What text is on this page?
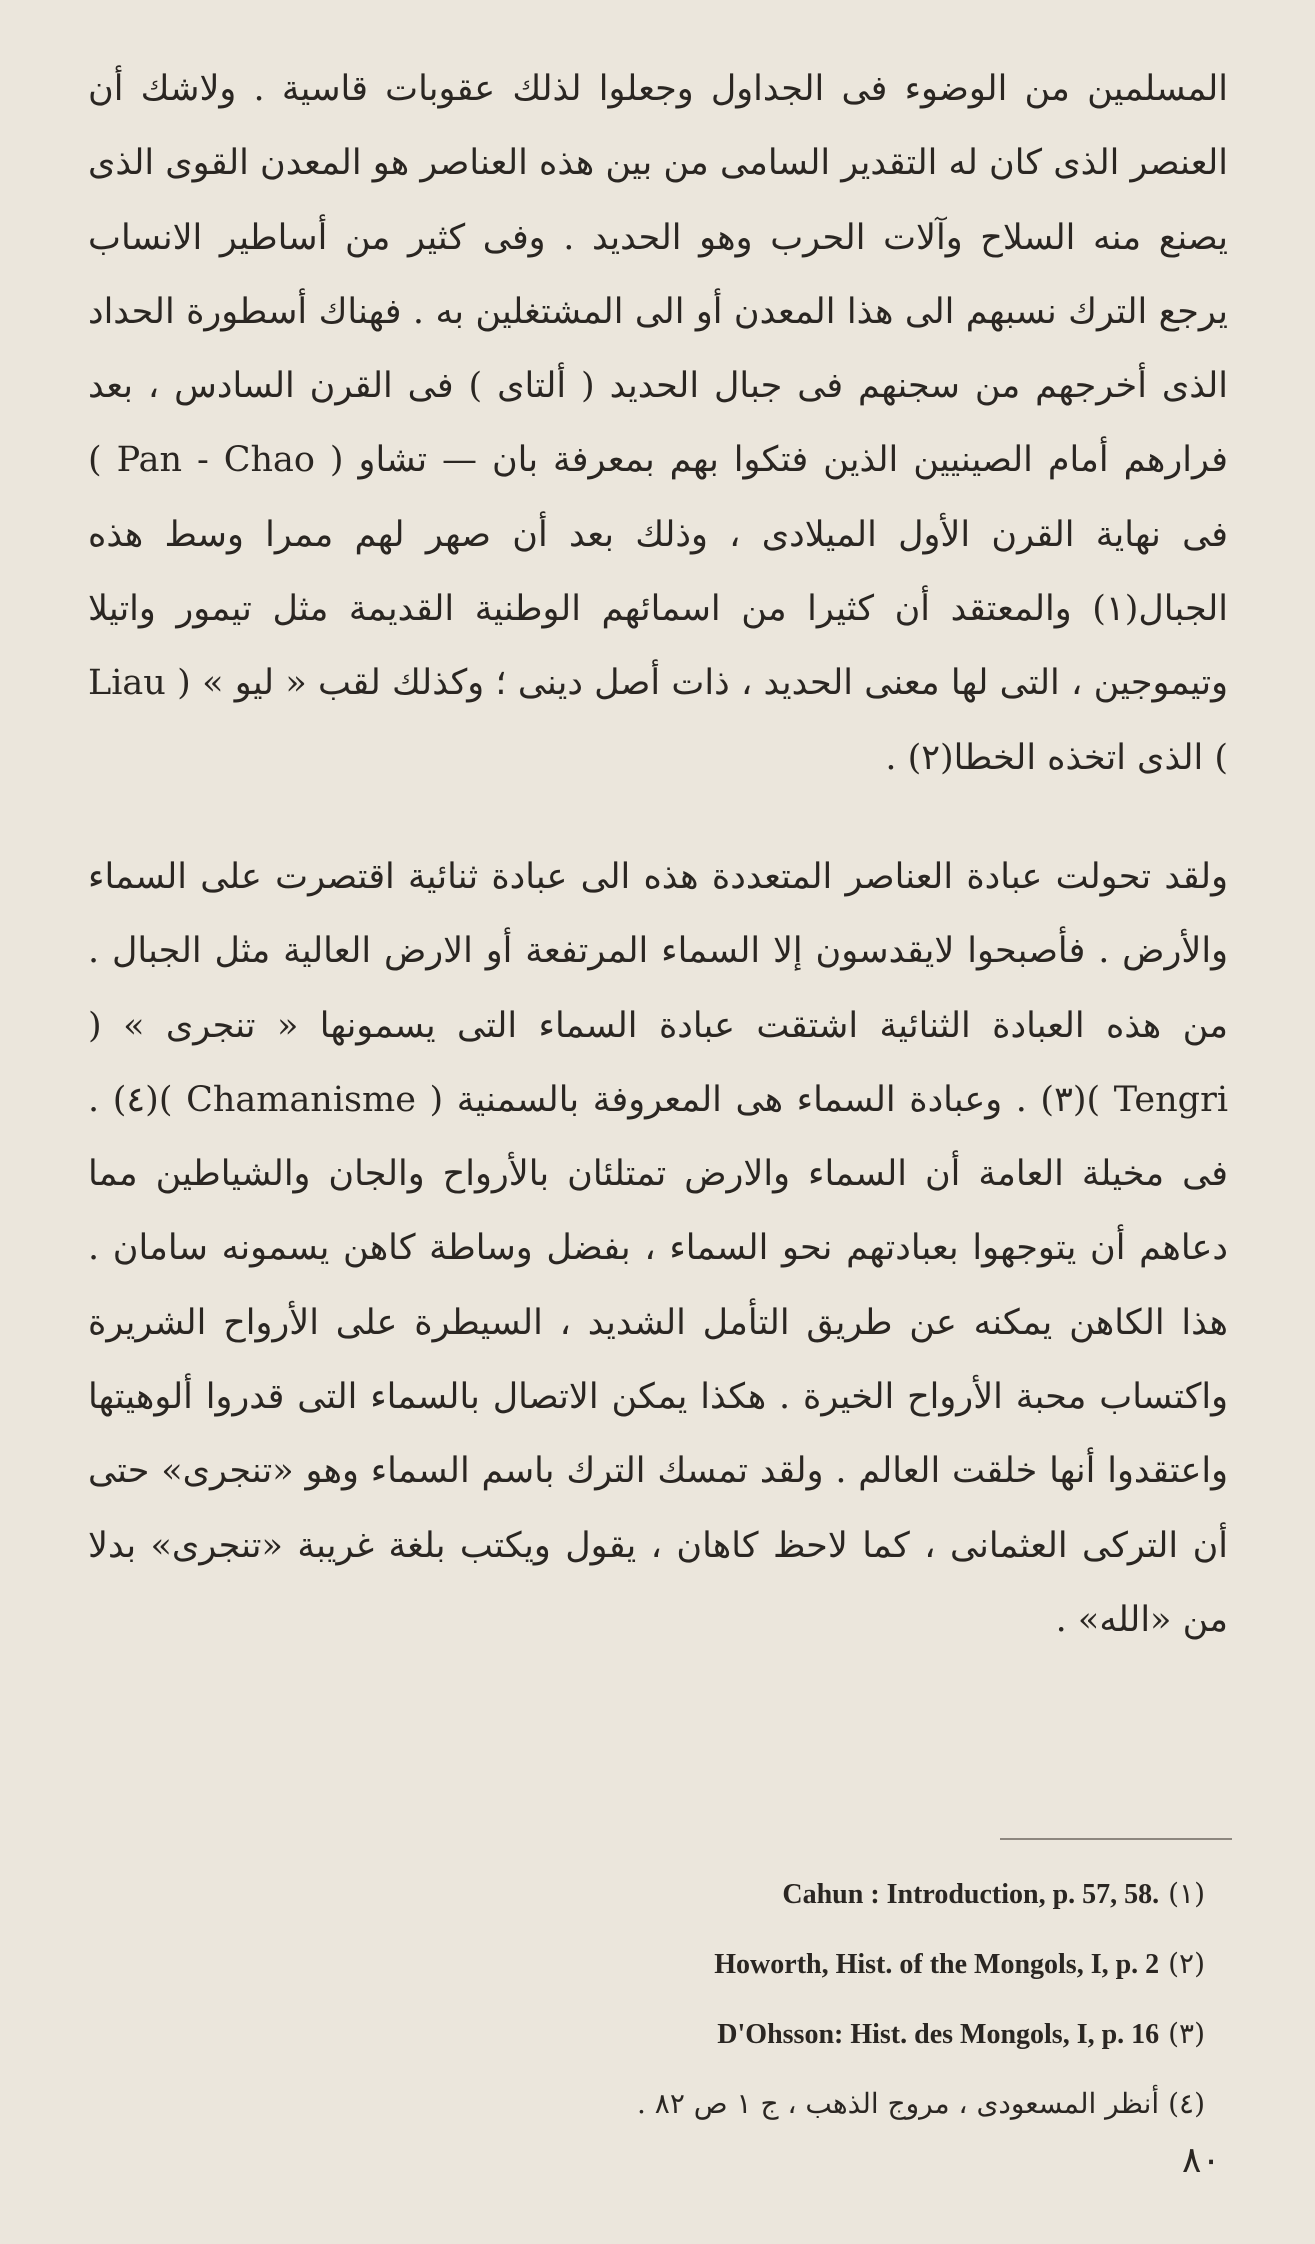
المسلمين من الوضوء فى الجداول وجعلوا لذلك عقوبات قاسية . ولاشك أن العنصر الذى كان له التقدير السامى من بين هذه العناصر هو المعدن القوى الذى يصنع منه السلاح وآلات الحرب وهو الحديد . وفى كثير من أساطير الانساب يرجع الترك نسبهم الى هذا المعدن أو الى المشتغلين به . فهناك أسطورة الحداد الذى أخرجهم من سجنهم فى جبال الحديد ( ألتاى ) فى القرن السادس ، بعد فرارهم أمام الصينيين الذين فتكوا بهم بمعرفة بان — تشاو ( Pan - Chao ) فى نهاية القرن الأول الميلادى ، وذلك بعد أن صهر لهم ممرا وسط هذه الجبال(١) والمعتقد أن كثيرا من اسمائهم الوطنية القديمة مثل تيمور واتيلا وتيموجين ، التى لها معنى الحديد ، ذات أصل دينى ؛ وكذلك لقب « ليو » ( Liau ) الذى اتخذه الخطا(٢) .

ولقد تحولت عبادة العناصر المتعددة هذه الى عبادة ثنائية اقتصرت على السماء والأرض . فأصبحوا لايقدسون إلا السماء المرتفعة أو الارض العالية مثل الجبال . من هذه العبادة الثنائية اشتقت عبادة السماء التى يسمونها « تنجرى » ( Tengri )(٣) . وعبادة السماء هى المعروفة بالسمنية ( Chamanisme )(٤) . فى مخيلة العامة أن السماء والارض تمتلئان بالأرواح والجان والشياطين مما دعاهم أن يتوجهوا بعبادتهم نحو السماء ، بفضل وساطة كاهن يسمونه سامان . هذا الكاهن يمكنه عن طريق التأمل الشديد ، السيطرة على الأرواح الشريرة واكتساب محبة الأرواح الخيرة . هكذا يمكن الاتصال بالسماء التى قدروا ألوهيتها واعتقدوا أنها خلقت العالم . ولقد تمسك الترك باسم السماء وهو «تنجرى» حتى أن التركى العثمانى ، كما لاحظ كاهان ، يقول ويكتب بلغة غريبة «تنجرى» بدلا من «الله» .

(١) Cahun : Introduction, p. 57, 58.
(٢) Howorth, Hist. of the Mongols, I, p. 2
(٣) D'Ohsson: Hist. des Mongols, I, p. 16
(٤) أنظر المسعودى ، مروج الذهب ، ج ١ ص ٨٢ .
٨٠
